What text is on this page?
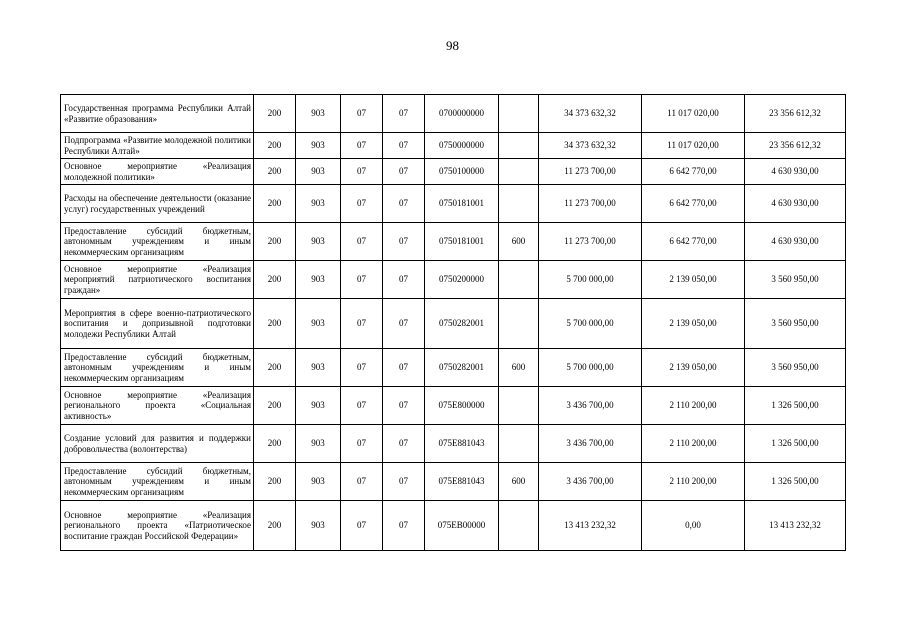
98
Государственная программа Республики Алтай «Развитие образования»	200	903	07	07	0700000000		34 373 632,32	11 017 020,00	23 356 612,32
Подпрограмма «Развитие молодежной политики Республики Алтай»	200	903	07	07	0750000000		34 373 632,32	11 017 020,00	23 356 612,32
Основное мероприятие «Реализация молодежной политики»	200	903	07	07	0750100000		11 273 700,00	6 642 770,00	4 630 930,00
Расходы на обеспечение деятельности (оказание услуг) государственных учреждений	200	903	07	07	0750181001		11 273 700,00	6 642 770,00	4 630 930,00
Предоставление субсидий бюджетным, автономным учреждениям и иным некоммерческим организациям	200	903	07	07	0750181001	600	11 273 700,00	6 642 770,00	4 630 930,00
Основное мероприятие «Реализация мероприятий патриотического воспитания граждан»	200	903	07	07	0750200000		5 700 000,00	2 139 050,00	3 560 950,00
Мероприятия в сфере военно-патриотического воспитания и допризывной подготовки молодежи Республики Алтай	200	903	07	07	0750282001		5 700 000,00	2 139 050,00	3 560 950,00
Предоставление субсидий бюджетным, автономным учреждениям и иным некоммерческим организациям	200	903	07	07	0750282001	600	5 700 000,00	2 139 050,00	3 560 950,00
Основное мероприятие «Реализация регионального проекта «Социальная активность»	200	903	07	07	075E800000		3 436 700,00	2 110 200,00	1 326 500,00
Создание условий для развития и поддержки добровольчества (волонтерства)	200	903	07	07	075E881043		3 436 700,00	2 110 200,00	1 326 500,00
Предоставление субсидий бюджетным, автономным учреждениям и иным некоммерческим организациям	200	903	07	07	075E881043	600	3 436 700,00	2 110 200,00	1 326 500,00
Основное мероприятие «Реализация регионального проекта «Патриотическое воспитание граждан Российской Федерации»	200	903	07	07	075EB00000		13 413 232,32	0,00	13 413 232,32
